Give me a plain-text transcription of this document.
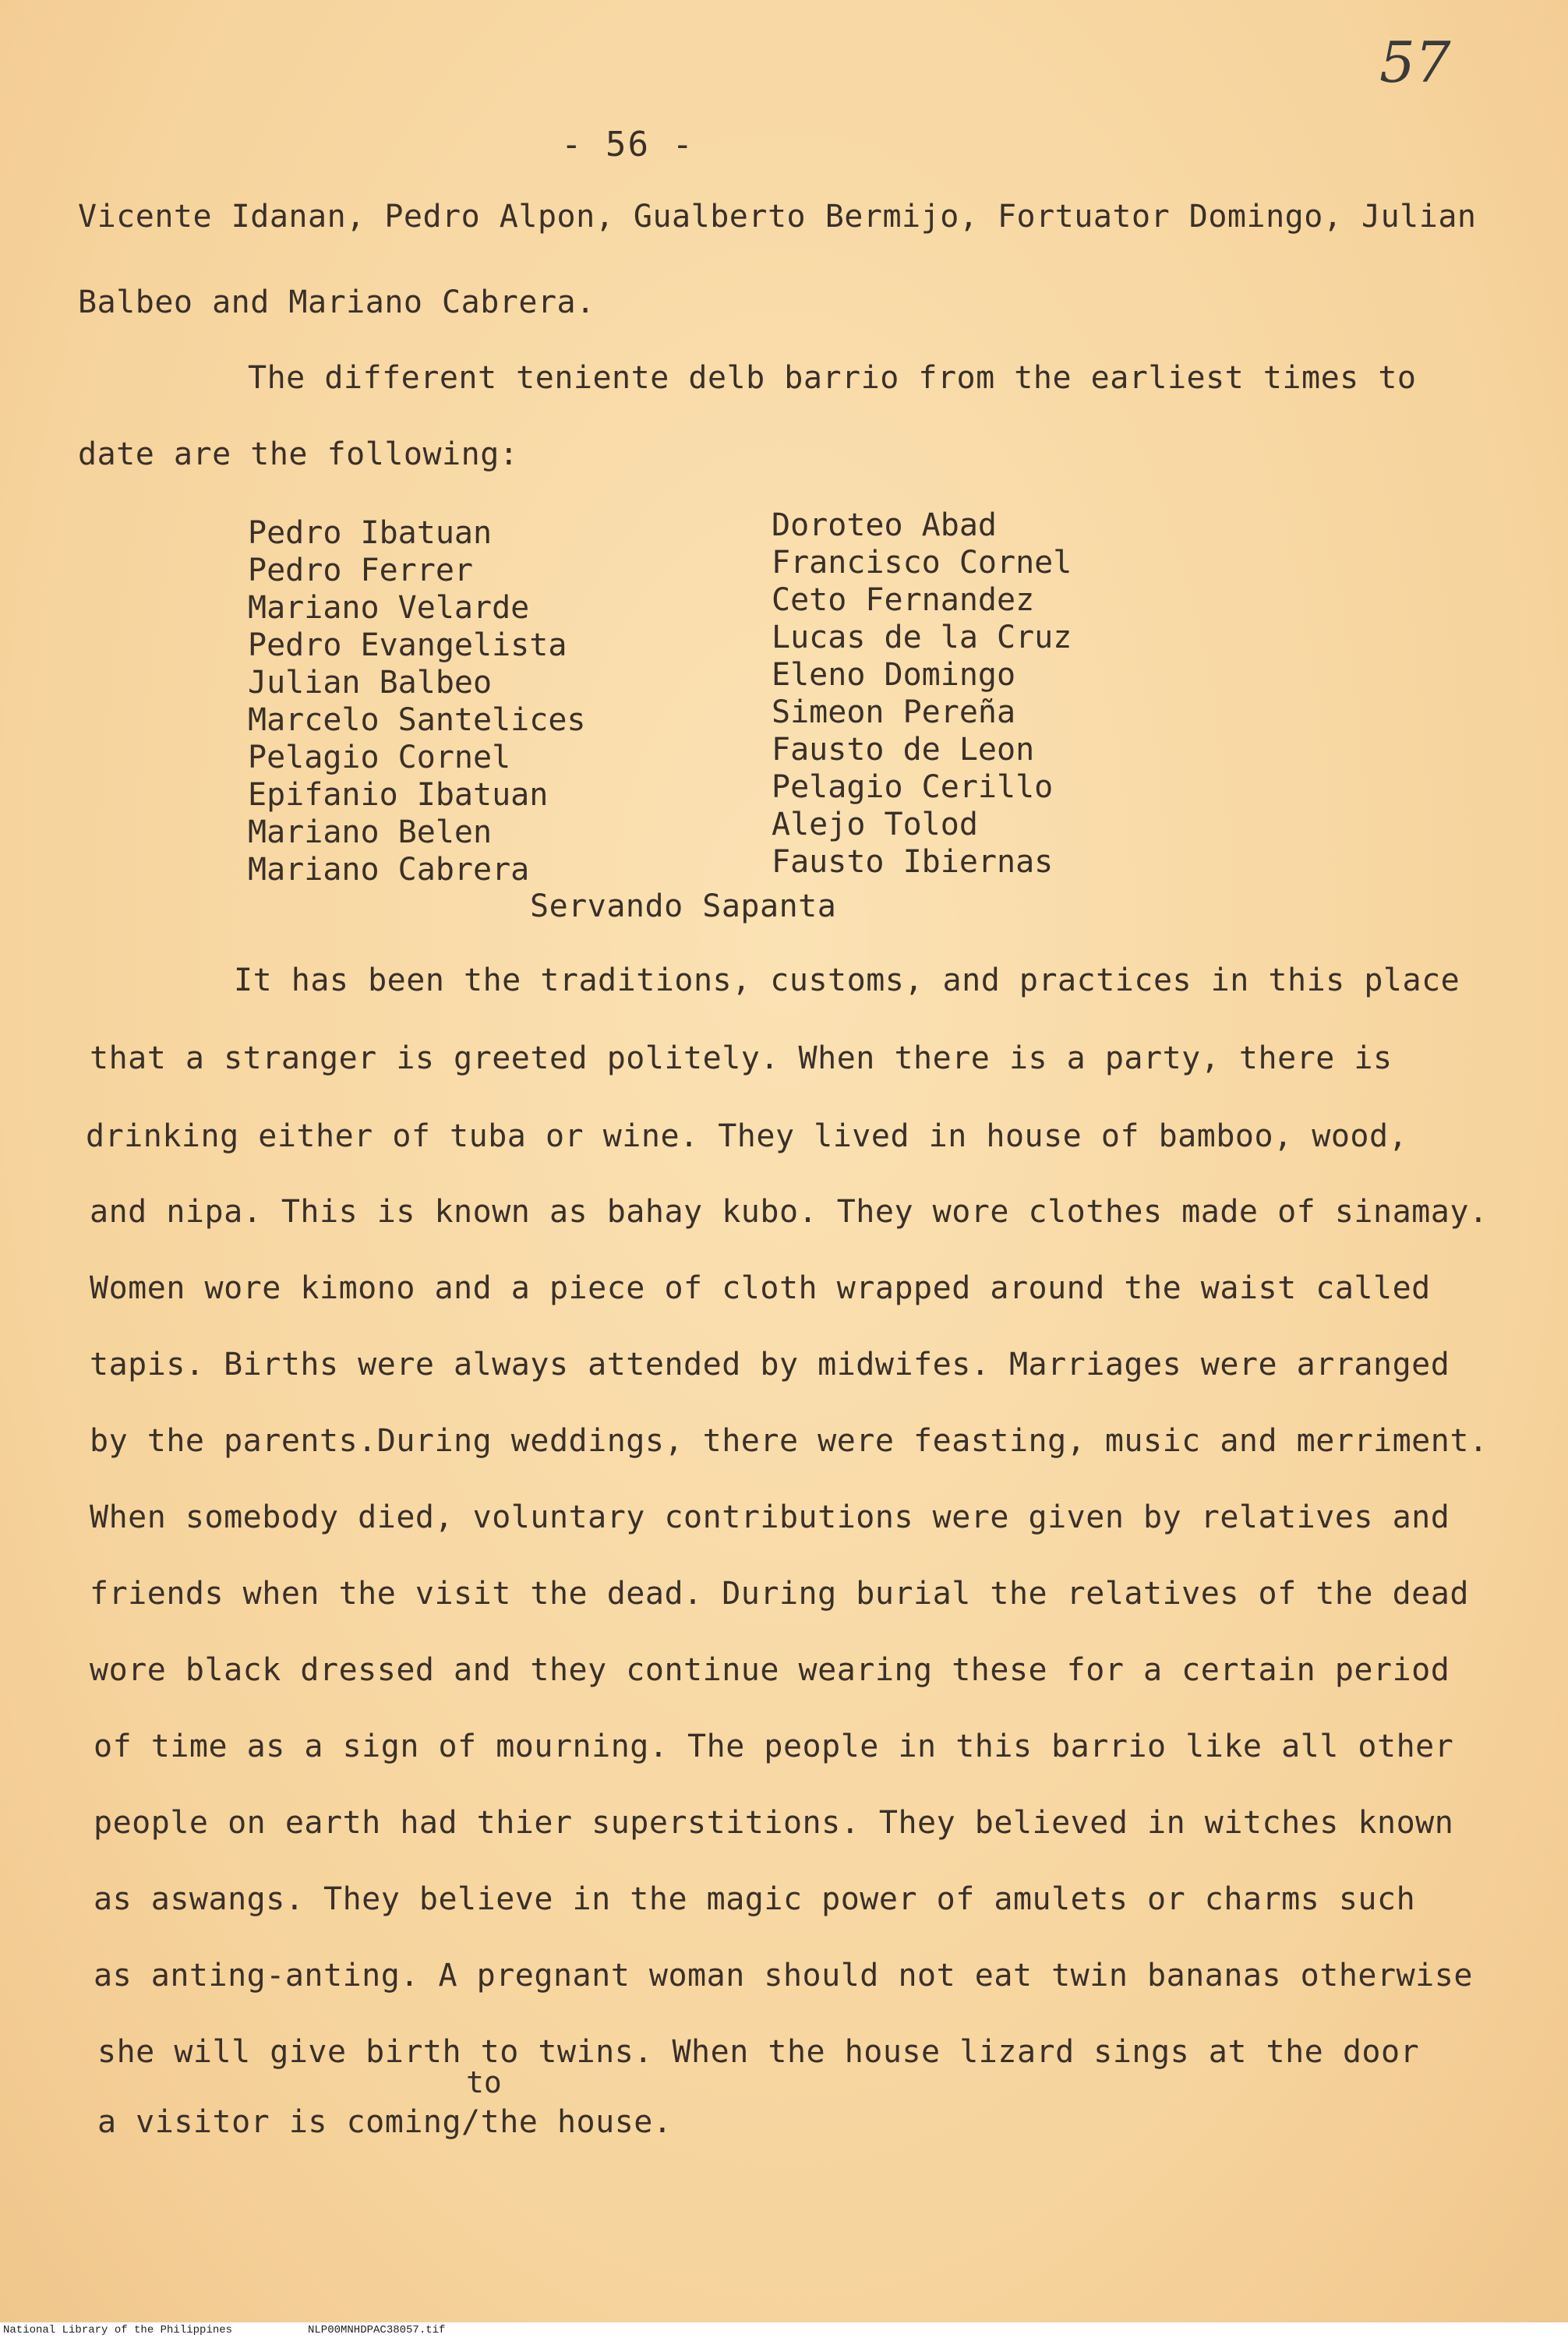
57
- 56 -
Vicente Idanan, Pedro Alpon, Gualberto Bermijo, Fortuator Domingo, Julian
Balbeo and Mariano Cabrera.
The different teniente delb barrio from the earliest times to
date are the following:
Pedro Ibatuan
Pedro Ferrer
Mariano Velarde
Pedro Evangelista
Julian Balbeo
Marcelo Santelices
Pelagio Cornel
Epifanio Ibatuan
Mariano Belen
Mariano Cabrera
Doroteo Abad
Francisco Cornel
Ceto Fernandez
Lucas de la Cruz
Eleno Domingo
Simeon Pereña
Fausto de Leon
Pelagio Cerillo
Alejo Tolod
Fausto Ibiernas
Servando Sapanta
It has been the traditions, customs, and practices in this place
that a stranger is greeted politely. When there is a party, there is
drinking either of tuba or wine. They lived in house of bamboo, wood,
and nipa. This is known as bahay kubo. They wore clothes made of sinamay.
Women wore kimono and a piece of cloth wrapped around the waist called
tapis. Births were always attended by midwifes. Marriages were arranged
by the parents.During weddings, there were feasting, music and merriment.
When somebody died, voluntary contributions were given by relatives and
friends when the visit the dead. During burial the relatives of the dead
wore black dressed and they continue wearing these for a certain period
of time as a sign of mourning. The people in this barrio like all other
people on earth had thier superstitions. They believed in witches known
as aswangs. They believe in the magic power of amulets or charms such
as anting-anting. A pregnant woman should not eat twin bananas otherwise
she will give birth to twins. When the house lizard sings at the door
to
a visitor is coming/the house.
National Library of the Philippines	NLP00MNHDPAC38057.tif
